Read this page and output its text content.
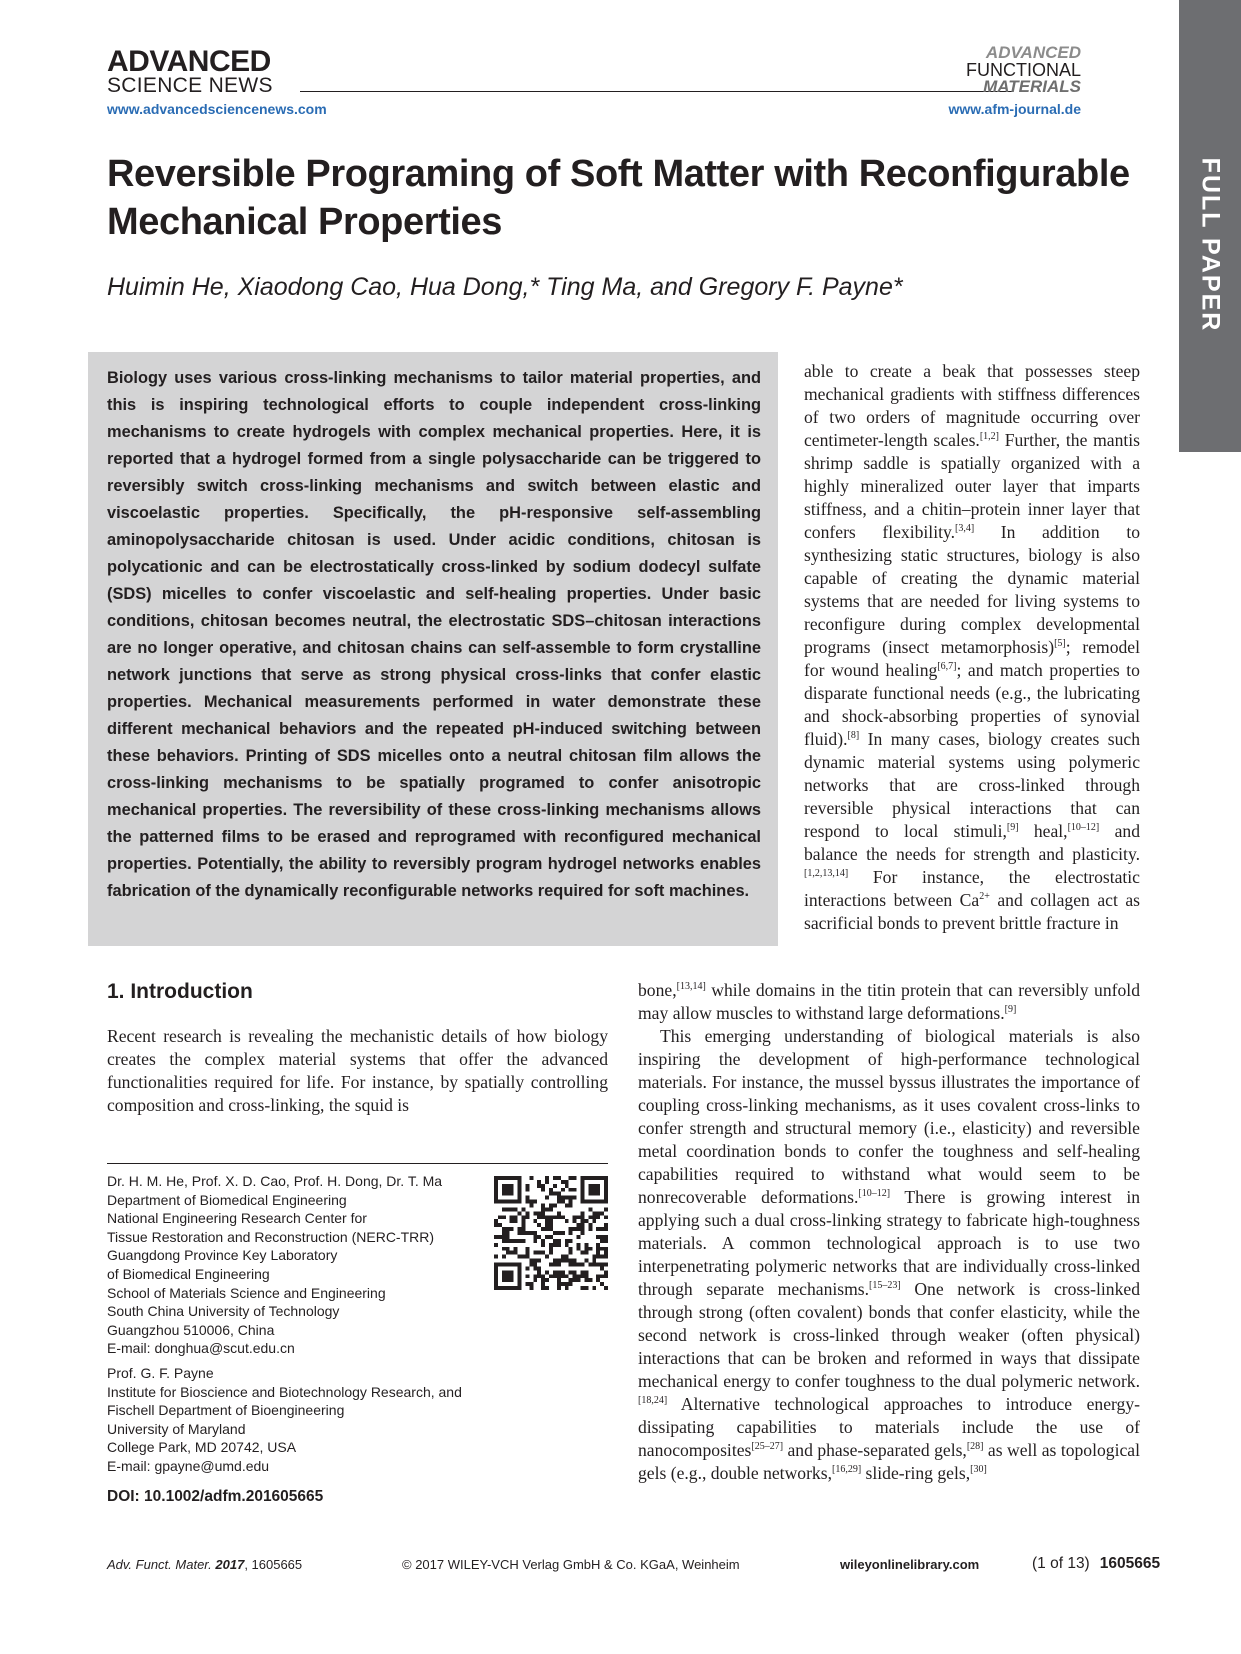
ADVANCED
SCIENCE NEWS
www.advancedsciencenews.com
ADVANCED
FUNCTIONAL
MATERIALS
www.afm-journal.de
FULL PAPER
Reversible Programing of Soft Matter with Reconfigurable Mechanical Properties
Huimin He, Xiaodong Cao, Hua Dong,* Ting Ma, and Gregory F. Payne*
Biology uses various cross-linking mechanisms to tailor material properties, and this is inspiring technological efforts to couple independent cross-linking mechanisms to create hydrogels with complex mechanical properties. Here, it is reported that a hydrogel formed from a single polysaccharide can be triggered to reversibly switch cross-linking mechanisms and switch between elastic and viscoelastic properties. Specifically, the pH-responsive self-assembling aminopolysaccharide chitosan is used. Under acidic conditions, chitosan is polycationic and can be electrostatically cross-linked by sodium dodecyl sulfate (SDS) micelles to confer viscoelastic and self-healing properties. Under basic conditions, chitosan becomes neutral, the electrostatic SDS–chitosan interactions are no longer operative, and chitosan chains can self-assemble to form crystalline network junctions that serve as strong physical cross-links that confer elastic properties. Mechanical measurements performed in water demonstrate these different mechanical behaviors and the repeated pH-induced switching between these behaviors. Printing of SDS micelles onto a neutral chitosan film allows the cross-linking mechanisms to be spatially programed to confer anisotropic mechanical properties. The reversibility of these cross-linking mechanisms allows the patterned films to be erased and reprogramed with reconfigured mechanical properties. Potentially, the ability to reversibly program hydrogel networks enables fabrication of the dynamically reconfigurable networks required for soft machines.
able to create a beak that possesses steep mechanical gradients with stiffness differences of two orders of magnitude occurring over centimeter-length scales.[1,2] Further, the mantis shrimp saddle is spatially organized with a highly mineralized outer layer that imparts stiffness, and a chitin–protein inner layer that confers flexibility.[3,4] In addition to synthesizing static structures, biology is also capable of creating the dynamic material systems that are needed for living systems to reconfigure during complex developmental programs (insect metamorphosis)[5]; remodel for wound healing[6,7]; and match properties to disparate functional needs (e.g., the lubricating and shock-absorbing properties of synovial fluid).[8] In many cases, biology creates such dynamic material systems using polymeric networks that are cross-linked through reversible physical interactions that can respond to local stimuli,[9] heal,[10–12] and balance the needs for strength and plasticity.[1,2,13,14] For instance, the electrostatic interactions between $Ca^{2+}$ and collagen act as sacrificial bonds to prevent brittle fracture in

bone,[13,14] while domains in the titin protein that can reversibly unfold may allow muscles to withstand large deformations.[9]

This emerging understanding of biological materials is also inspiring the development of high-performance technological materials. For instance, the mussel byssus illustrates the importance of coupling cross-linking mechanisms, as it uses covalent cross-links to confer strength and structural memory (i.e., elasticity) and reversible metal coordination bonds to confer the toughness and self-healing capabilities required to withstand what would seem to be nonrecoverable deformations.[10–12] There is growing interest in applying such a dual cross-linking strategy to fabricate high-toughness materials. A common technological approach is to use two interpenetrating polymeric networks that are individually cross-linked through separate mechanisms.[15–23] One network is cross-linked through strong (often covalent) bonds that confer elasticity, while the second network is cross-linked through weaker (often physical) interactions that can be broken and reformed in ways that dissipate mechanical energy to confer toughness to the dual polymeric network.[18,24] Alternative technological approaches to introduce energy-dissipating capabilities to materials include the use of nanocomposites[25–27] and phase-separated gels,[28] as well as topological gels (e.g., double networks,[16,29] slide-ring gels,[30]

1. Introduction
Recent research is revealing the mechanistic details of how biology creates the complex material systems that offer the advanced functionalities required for life. For instance, by spatially controlling composition and cross-linking, the squid is
Dr. H. M. He, Prof. X. D. Cao, Prof. H. Dong, Dr. T. Ma
Department of Biomedical Engineering
National Engineering Research Center for
Tissue Restoration and Reconstruction (NERC-TRR)
Guangdong Province Key Laboratory
of Biomedical Engineering
School of Materials Science and Engineering
South China University of Technology
Guangzhou 510006, China
E-mail: donghua@scut.edu.cn
Prof. G. F. Payne
Institute for Bioscience and Biotechnology Research, and
Fischell Department of Bioengineering
University of Maryland
College Park, MD 20742, USA
E-mail: gpayne@umd.edu
DOI: 10.1002/adfm.201605665
Adv. Funct. Mater. 2017, 1605665	© 2017 WILEY-VCH Verlag GmbH & Co. KGaA, Weinheim	wileyonlinelibrary.com	(1 of 13) 1605665
